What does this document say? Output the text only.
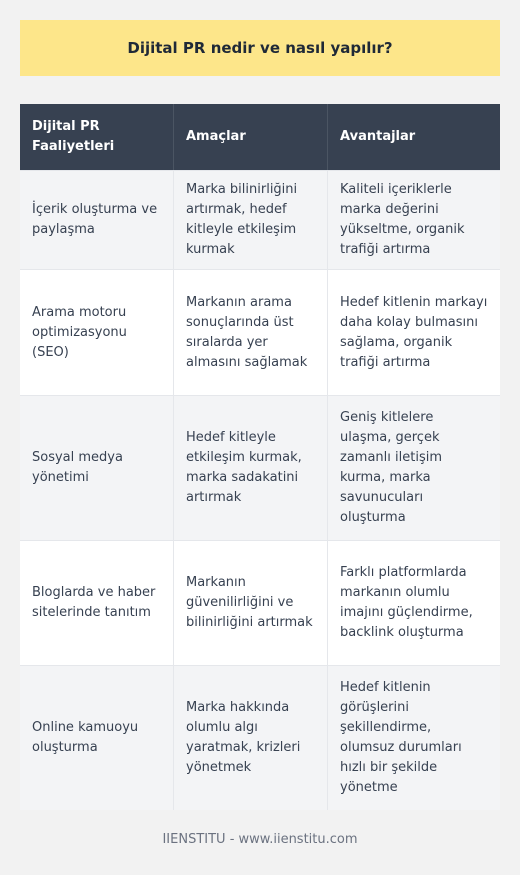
Dijital PR nedir ve nasıl yapılır?
Dijital PR Faaliyetleri
Amaçlar	Avantajlar
İçerik oluşturma ve paylaşma
Marka bilinirliğini artırmak, hedef kitleyle etkileşim kurmak
Kaliteli içeriklerle marka değerini yükseltme, organik trafiği artırma
Arama motoru optimizasyonu (SEO)
Markanın arama sonuçlarında üst sıralarda yer almasını sağlamak
Hedef kitlenin markayı daha kolay bulmasını sağlama, organik trafiği artırma
Sosyal medya yönetimi
Hedef kitleyle etkileşim kurmak, marka sadakatini artırmak
Geniş kitlelere ulaşma, gerçek zamanlı iletişim kurma, marka savunucuları oluşturma
Bloglarda ve haber sitelerinde tanıtım
Markanın güvenilirliğini ve bilinirliğini artırmak
Farklı platformlarda markanın olumlu imajını güçlendirme, backlink oluşturma
Online kamuoyu oluşturma
Marka hakkında olumlu algı yaratmak, krizleri yönetmek
Hedef kitlenin görüşlerini şekillendirme, olumsuz durumları hızlı bir şekilde yönetme
IIENSTITU - www.iienstitu.com
